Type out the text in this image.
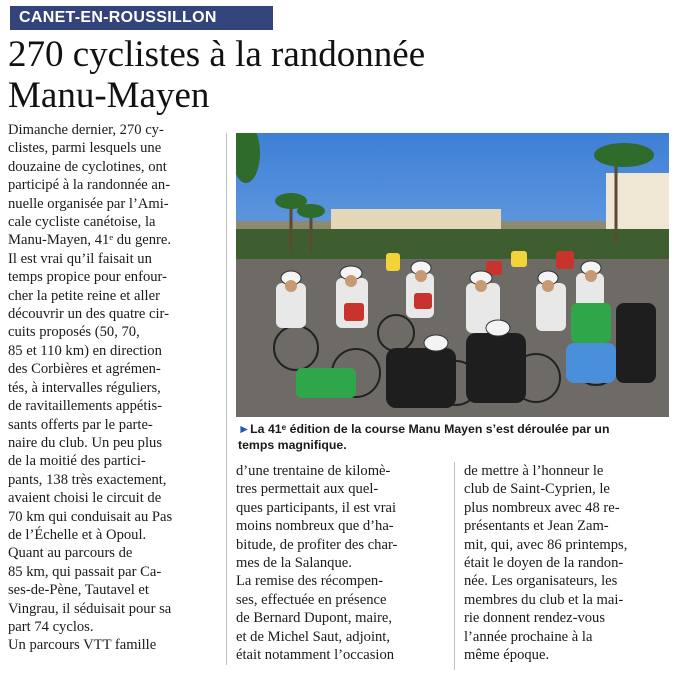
CANET-EN-ROUSSILLON
270 cyclistes à la randonnée
Manu-Mayen

Dimanche dernier, 270 cy-

clistes, parmi lesquels une

douzaine de cyclotines, ont

participé à la randonnée an-

nuelle organisée par l’Ami-

cale cycliste canétoise, la

Manu-Mayen, 41ᵉ du genre.

Il est vrai qu’il faisait un

temps propice pour enfour-

cher la petite reine et aller

découvrir un des quatre cir-

cuits proposés (50, 70,

85 et 110 km) en direction

des Corbières et agrémen-

tés, à intervalles réguliers,

de ravitaillements appétis-

sants offerts par le parte-

naire du club. Un peu plus

de la moitié des partici-

pants, 138 très exactement,

avaient choisi le circuit de

70 km qui conduisait au Pas

de l’Échelle et à Opoul.

Quant au parcours de

85 km, qui passait par Ca-

ses-de-Pène, Tautavel et

Vingrau, il séduisait pour sa

part 74 cyclos.

Un parcours VTT famille

►La 41ᵉ édition de la course Manu Mayen s’est déroulée par un
temps magnifique.

d’une trentaine de kilomè-

tres permettait aux quel-

ques participants, il est vrai

moins nombreux que d’ha-

bitude, de profiter des char-

mes de la Salanque.

La remise des récompen-

ses, effectuée en présence

de Bernard Dupont, maire,

et de Michel Saut, adjoint,

était notamment l’occasion

de mettre à l’honneur le

club de Saint-Cyprien, le

plus nombreux avec 48 re-

présentants et Jean Zam-

mit, qui, avec 86 printemps,

était le doyen de la randon-

née. Les organisateurs, les

membres du club et la mai-

rie donnent rendez-vous

l’année prochaine à la

même époque.
